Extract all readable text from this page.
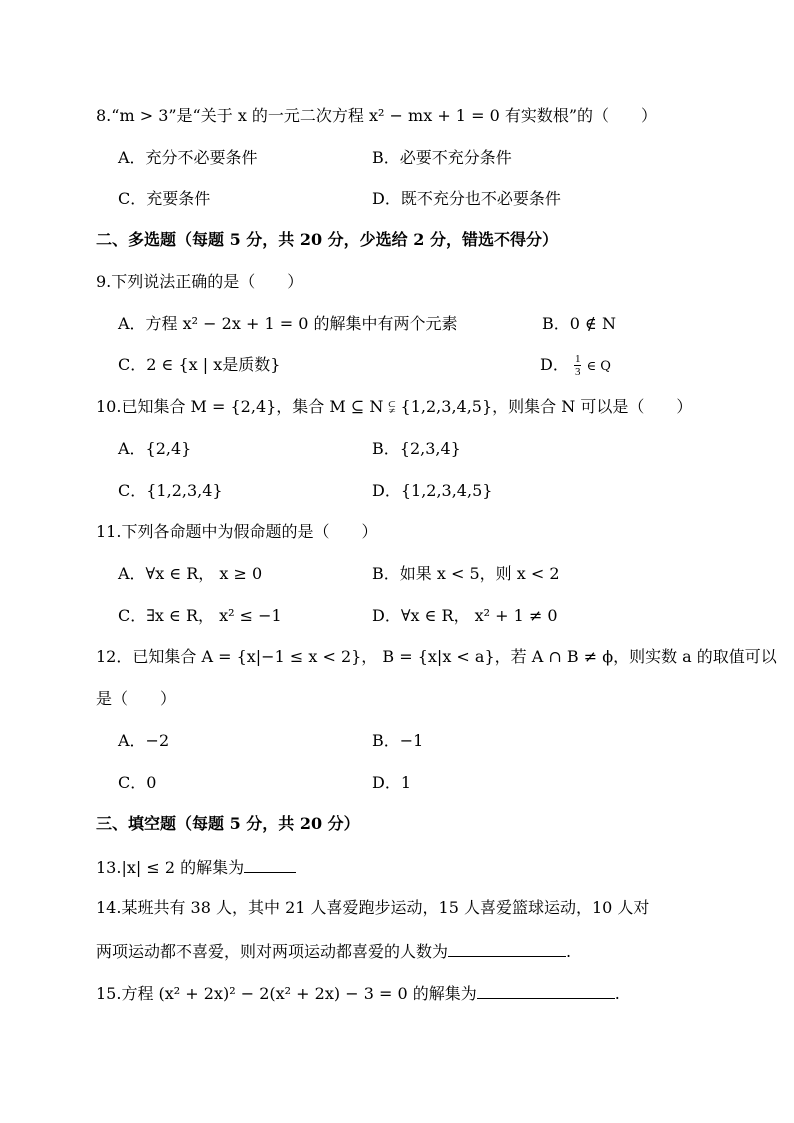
8.“m > 3”是“关于 x 的一元二次方程 x² − mx + 1 = 0 有实数根”的（　　）
A．充分不必要条件	B．必要不充分条件
C．充要条件	D．既不充分也不必要条件
二、多选题（每题 5 分，共 20 分，少选给 2 分，错选不得分）
9.下列说法正确的是（　　）
A．方程 x² − 2x + 1 = 0 的解集中有两个元素	B．0 ∉ N
C．2 ∈ {x | x是质数}	D． $\frac{1}{3}$ ∈ Q
10.已知集合 M = {2,4}，集合 M ⊆ N ⫋ {1,2,3,4,5}，则集合 N 可以是（　　）
A．{2,4}	B．{2,3,4}
C．{1,2,3,4}	D．{1,2,3,4,5}
11.下列各命题中为假命题的是（　　）
A．∀x ∈ R， x ≥ 0	B．如果 x < 5，则 x < 2
C．∃x ∈ R， x² ≤ −1	D．∀x ∈ R， x² + 1 ≠ 0
12．已知集合 A = {x|−1 ≤ x < 2}， B = {x|x < a}，若 A ∩ B ≠ ϕ，则实数 a 的取值可以
是（　　）
A．−2	B．−1
C．0	D．1
三、填空题（每题 5 分，共 20 分）
13.|x| ≤ 2 的解集为
14.某班共有 38 人，其中 21 人喜爱跑步运动，15 人喜爱篮球运动，10 人对
两项运动都不喜爱，则对两项运动都喜爱的人数为	.
15.方程 (x² + 2x)² − 2(x² + 2x) − 3 = 0 的解集为	.
